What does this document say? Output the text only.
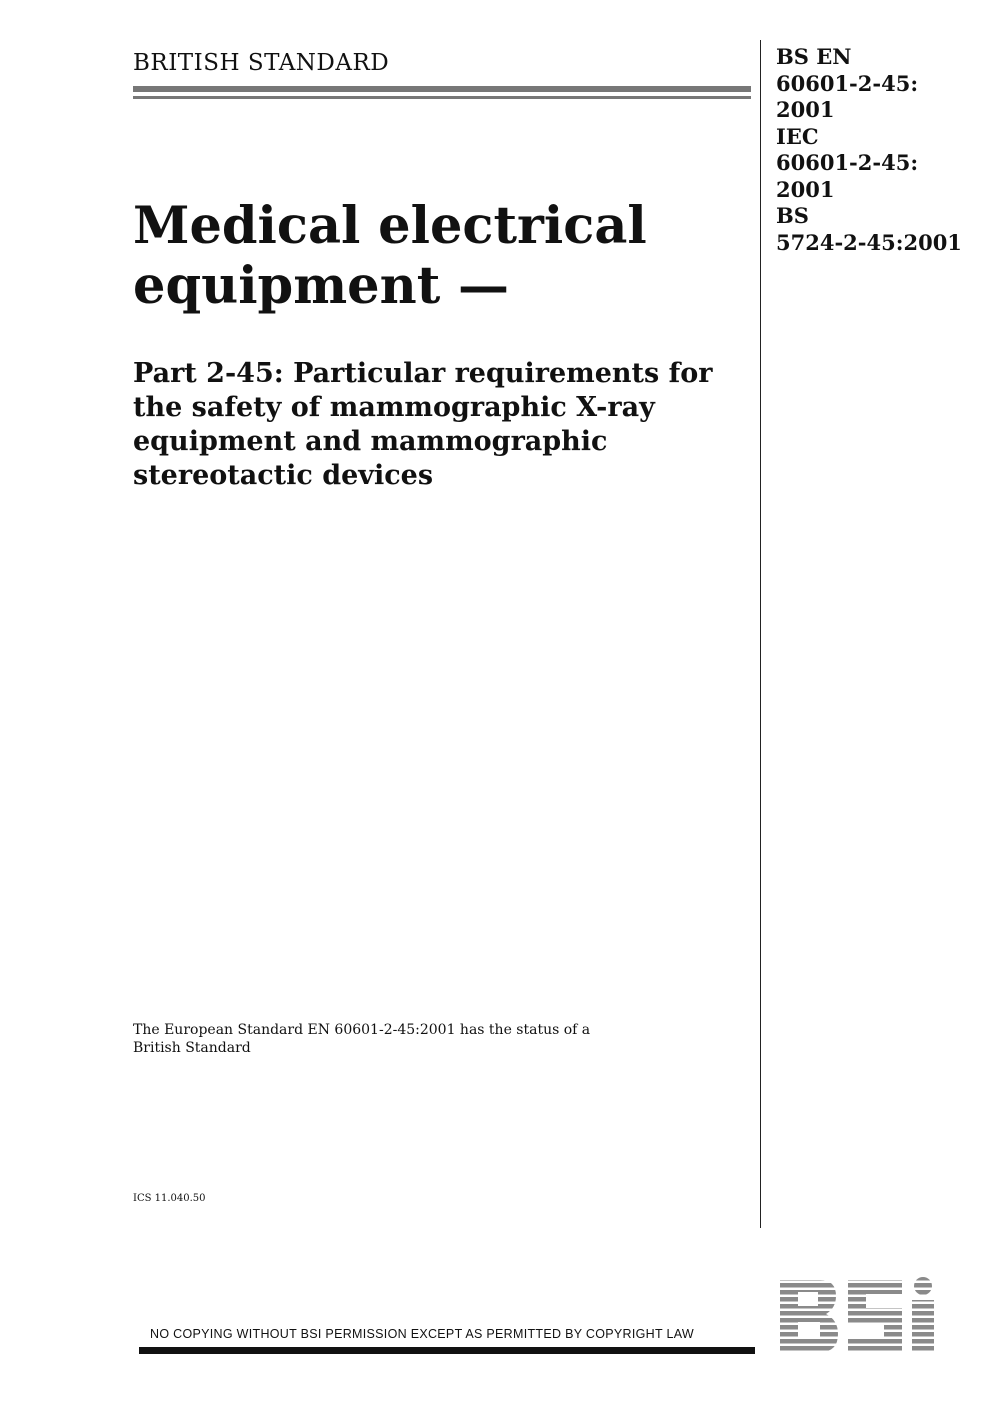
BRITISH STANDARD	BS EN
60601-2-45:
2001
IEC
60601-2-45:
2001
BS
5724-2-45:2001
Medical electrical
equipment —
Part 2-45: Particular requirements for
the safety of mammographic X-ray
equipment and mammographic
stereotactic devices
The European Standard EN 60601-2-45:2001 has the status of a
British Standard
ICS 11.040.50
NO COPYING WITHOUT BSI PERMISSION EXCEPT AS PERMITTED BY COPYRIGHT LAW
